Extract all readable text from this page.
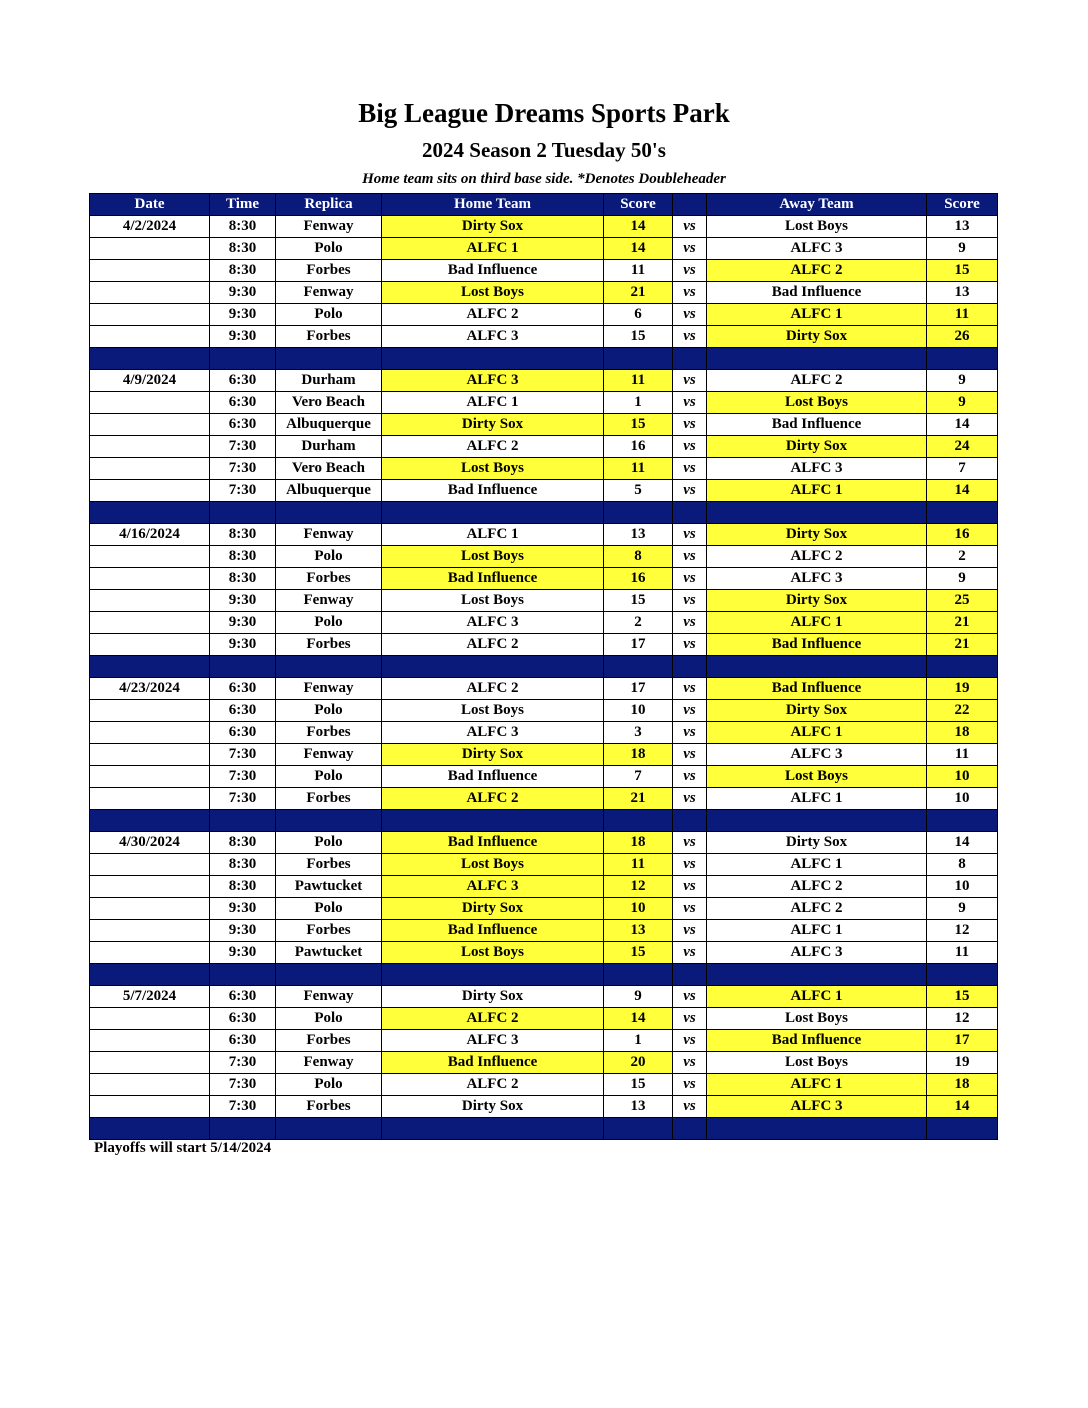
Big League Dreams Sports Park
2024 Season 2 Tuesday 50's
Home team sits on third base side. *Denotes Doubleheader
Date	Time	Replica	Home Team	Score		Away Team	Score
4/2/2024	8:30	Fenway	Dirty Sox	14	vs	Lost Boys	13
	8:30	Polo	ALFC 1	14	vs	ALFC 3	9
	8:30	Forbes	Bad Influence	11	vs	ALFC 2	15
	9:30	Fenway	Lost Boys	21	vs	Bad Influence	13
	9:30	Polo	ALFC 2	6	vs	ALFC 1	11
	9:30	Forbes	ALFC 3	15	vs	Dirty Sox	26

4/9/2024	6:30	Durham	ALFC 3	11	vs	ALFC 2	9
	6:30	Vero Beach	ALFC 1	1	vs	Lost Boys	9
	6:30	Albuquerque	Dirty Sox	15	vs	Bad Influence	14
	7:30	Durham	ALFC 2	16	vs	Dirty Sox	24
	7:30	Vero Beach	Lost Boys	11	vs	ALFC 3	7
	7:30	Albuquerque	Bad Influence	5	vs	ALFC 1	14

4/16/2024	8:30	Fenway	ALFC 1	13	vs	Dirty Sox	16
	8:30	Polo	Lost Boys	8	vs	ALFC 2	2
	8:30	Forbes	Bad Influence	16	vs	ALFC 3	9
	9:30	Fenway	Lost Boys	15	vs	Dirty Sox	25
	9:30	Polo	ALFC 3	2	vs	ALFC 1	21
	9:30	Forbes	ALFC 2	17	vs	Bad Influence	21

4/23/2024	6:30	Fenway	ALFC 2	17	vs	Bad Influence	19
	6:30	Polo	Lost Boys	10	vs	Dirty Sox	22
	6:30	Forbes	ALFC 3	3	vs	ALFC 1	18
	7:30	Fenway	Dirty Sox	18	vs	ALFC 3	11
	7:30	Polo	Bad Influence	7	vs	Lost Boys	10
	7:30	Forbes	ALFC 2	21	vs	ALFC 1	10

4/30/2024	8:30	Polo	Bad Influence	18	vs	Dirty Sox	14
	8:30	Forbes	Lost Boys	11	vs	ALFC 1	8
	8:30	Pawtucket	ALFC 3	12	vs	ALFC 2	10
	9:30	Polo	Dirty Sox	10	vs	ALFC 2	9
	9:30	Forbes	Bad Influence	13	vs	ALFC 1	12
	9:30	Pawtucket	Lost Boys	15	vs	ALFC 3	11

5/7/2024	6:30	Fenway	Dirty Sox	9	vs	ALFC 1	15
	6:30	Polo	ALFC 2	14	vs	Lost Boys	12
	6:30	Forbes	ALFC 3	1	vs	Bad Influence	17
	7:30	Fenway	Bad Influence	20	vs	Lost Boys	19
	7:30	Polo	ALFC 2	15	vs	ALFC 1	18
	7:30	Forbes	Dirty Sox	13	vs	ALFC 3	14

Playoffs will start 5/14/2024
